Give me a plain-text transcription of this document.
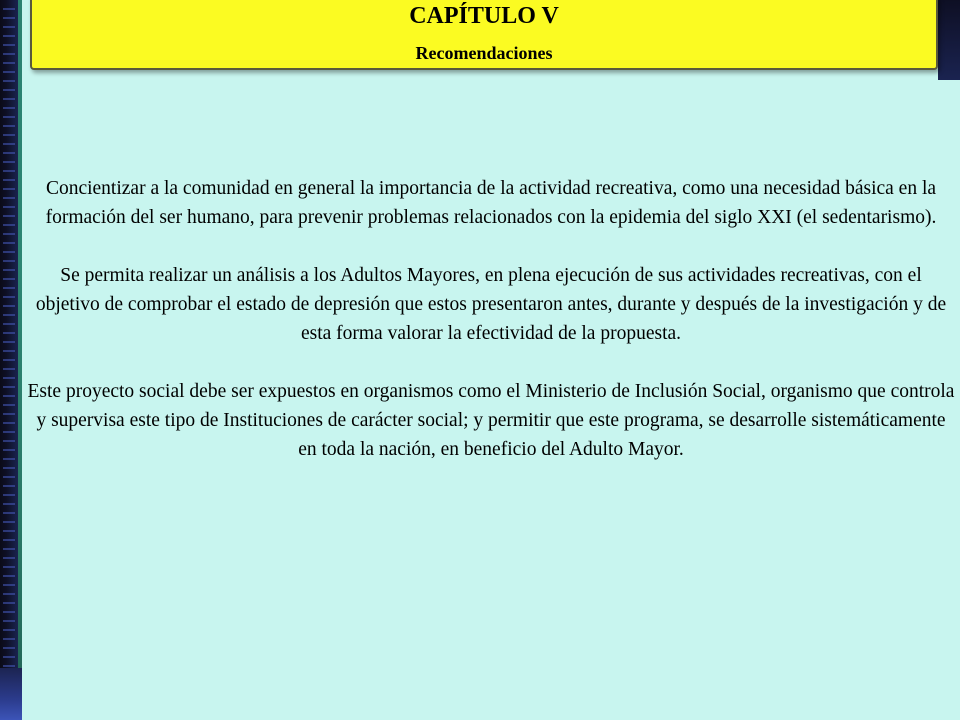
CAPÍTULO V
Recomendaciones

Concientizar a la comunidad en general la importancia de la actividad recreativa, como una necesidad básica en la formación del ser humano, para prevenir problemas relacionados con la epidemia del siglo XXI (el sedentarismo).

Se permita realizar un análisis a los Adultos Mayores, en plena ejecución de sus actividades recreativas, con el objetivo de comprobar el estado de depresión que estos presentaron antes, durante y después de la investigación y de esta forma valorar la efectividad de la propuesta.

Este proyecto social debe ser expuestos en organismos como el Ministerio de Inclusión Social, organismo que controla y supervisa este tipo de Instituciones de carácter social; y permitir que este programa, se desarrolle sistemáticamente en toda la nación, en beneficio del Adulto Mayor.
